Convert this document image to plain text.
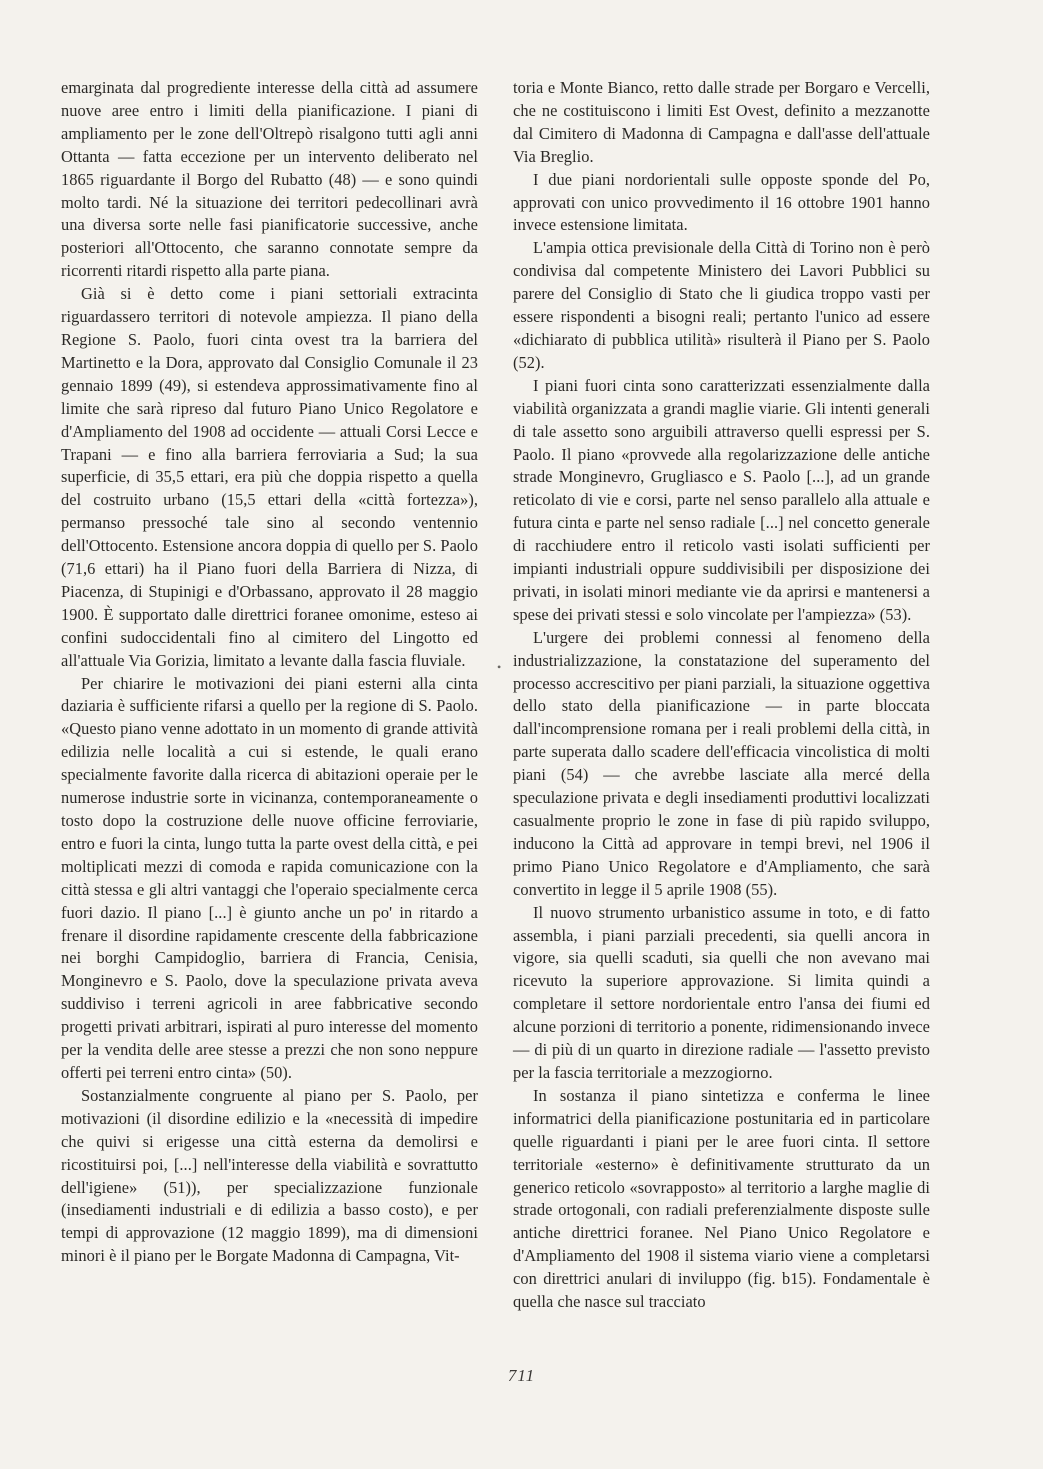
emarginata dal progrediente interesse della città ad assumere nuove aree entro i limiti della pianificazione. I piani di ampliamento per le zone dell'Oltrepò risalgono tutti agli anni Ottanta — fatta eccezione per un intervento deliberato nel 1865 riguardante il Borgo del Rubatto (48) — e sono quindi molto tardi. Né la situazione dei territori pedecollinari avrà una diversa sorte nelle fasi pianificatorie successive, anche posteriori all'Ottocento, che saranno connotate sempre da ricorrenti ritardi rispetto alla parte piana.

Già si è detto come i piani settoriali extracinta riguardassero territori di notevole ampiezza. Il piano della Regione S. Paolo, fuori cinta ovest tra la barriera del Martinetto e la Dora, approvato dal Consiglio Comunale il 23 gennaio 1899 (49), si estendeva approssimativamente fino al limite che sarà ripreso dal futuro Piano Unico Regolatore e d'Ampliamento del 1908 ad occidente — attuali Corsi Lecce e Trapani — e fino alla barriera ferroviaria a Sud; la sua superficie, di 35,5 ettari, era più che doppia rispetto a quella del costruito urbano (15,5 ettari della «città fortezza»), permanso pressoché tale sino al secondo ventennio dell'Ottocento. Estensione ancora doppia di quello per S. Paolo (71,6 ettari) ha il Piano fuori della Barriera di Nizza, di Piacenza, di Stupinigi e d'Orbassano, approvato il 28 maggio 1900. È supportato dalle direttrici foranee omonime, esteso ai confini sudoccidentali fino al cimitero del Lingotto ed all'attuale Via Gorizia, limitato a levante dalla fascia fluviale.

Per chiarire le motivazioni dei piani esterni alla cinta daziaria è sufficiente rifarsi a quello per la regione di S. Paolo. «Questo piano venne adottato in un momento di grande attività edilizia nelle località a cui si estende, le quali erano specialmente favorite dalla ricerca di abitazioni operaie per le numerose industrie sorte in vicinanza, contemporaneamente o tosto dopo la costruzione delle nuove officine ferroviarie, entro e fuori la cinta, lungo tutta la parte ovest della città, e pei moltiplicati mezzi di comoda e rapida comunicazione con la città stessa e gli altri vantaggi che l'operaio specialmente cerca fuori dazio. Il piano [...] è giunto anche un po' in ritardo a frenare il disordine rapidamente crescente della fabbricazione nei borghi Campidoglio, barriera di Francia, Cenisia, Monginevro e S. Paolo, dove la speculazione privata aveva suddiviso i terreni agricoli in aree fabbricative secondo progetti privati arbitrari, ispirati al puro interesse del momento per la vendita delle aree stesse a prezzi che non sono neppure offerti pei terreni entro cinta» (50).

Sostanzialmente congruente al piano per S. Paolo, per motivazioni (il disordine edilizio e la «necessità di impedire che quivi si erigesse una città esterna da demolirsi e ricostituirsi poi, [...] nell'interesse della viabilità e sovrattutto dell'igiene» (51)), per specializzazione funzionale (insediamenti industriali e di edilizia a basso costo), e per tempi di approvazione (12 maggio 1899), ma di dimensioni minori è il piano per le Borgate Madonna di Campagna, Vit-

•

toria e Monte Bianco, retto dalle strade per Borgaro e Vercelli, che ne costituiscono i limiti Est Ovest, definito a mezzanotte dal Cimitero di Madonna di Campagna e dall'asse dell'attuale Via Breglio.

I due piani nordorientali sulle opposte sponde del Po, approvati con unico provvedimento il 16 ottobre 1901 hanno invece estensione limitata.

L'ampia ottica previsionale della Città di Torino non è però condivisa dal competente Ministero dei Lavori Pubblici su parere del Consiglio di Stato che li giudica troppo vasti per essere rispondenti a bisogni reali; pertanto l'unico ad essere «dichiarato di pubblica utilità» risulterà il Piano per S. Paolo (52).

I piani fuori cinta sono caratterizzati essenzialmente dalla viabilità organizzata a grandi maglie viarie. Gli intenti generali di tale assetto sono arguibili attraverso quelli espressi per S. Paolo. Il piano «provvede alla regolarizzazione delle antiche strade Monginevro, Grugliasco e S. Paolo [...], ad un grande reticolato di vie e corsi, parte nel senso parallelo alla attuale e futura cinta e parte nel senso radiale [...] nel concetto generale di racchiudere entro il reticolo vasti isolati sufficienti per impianti industriali oppure suddivisibili per disposizione dei privati, in isolati minori mediante vie da aprirsi e mantenersi a spese dei privati stessi e solo vincolate per l'ampiezza» (53).

L'urgere dei problemi connessi al fenomeno della industrializzazione, la constatazione del superamento del processo accrescitivo per piani parziali, la situazione oggettiva dello stato della pianificazione — in parte bloccata dall'incomprensione romana per i reali problemi della città, in parte superata dallo scadere dell'efficacia vincolistica di molti piani (54) — che avrebbe lasciate alla mercé della speculazione privata e degli insediamenti produttivi localizzati casualmente proprio le zone in fase di più rapido sviluppo, inducono la Città ad approvare in tempi brevi, nel 1906 il primo Piano Unico Regolatore e d'Ampliamento, che sarà convertito in legge il 5 aprile 1908 (55).

Il nuovo strumento urbanistico assume in toto, e di fatto assembla, i piani parziali precedenti, sia quelli ancora in vigore, sia quelli scaduti, sia quelli che non avevano mai ricevuto la superiore approvazione. Si limita quindi a completare il settore nordorientale entro l'ansa dei fiumi ed alcune porzioni di territorio a ponente, ridimensionando invece — di più di un quarto in direzione radiale — l'assetto previsto per la fascia territoriale a mezzogiorno.

In sostanza il piano sintetizza e conferma le linee informatrici della pianificazione postunitaria ed in particolare quelle riguardanti i piani per le aree fuori cinta. Il settore territoriale «esterno» è definitivamente strutturato da un generico reticolo «sovrapposto» al territorio a larghe maglie di strade ortogonali, con radiali preferenzialmente disposte sulle antiche direttrici foranee. Nel Piano Unico Regolatore e d'Ampliamento del 1908 il sistema viario viene a completarsi con direttrici anulari di inviluppo (fig. b15). Fondamentale è quella che nasce sul tracciato

711
